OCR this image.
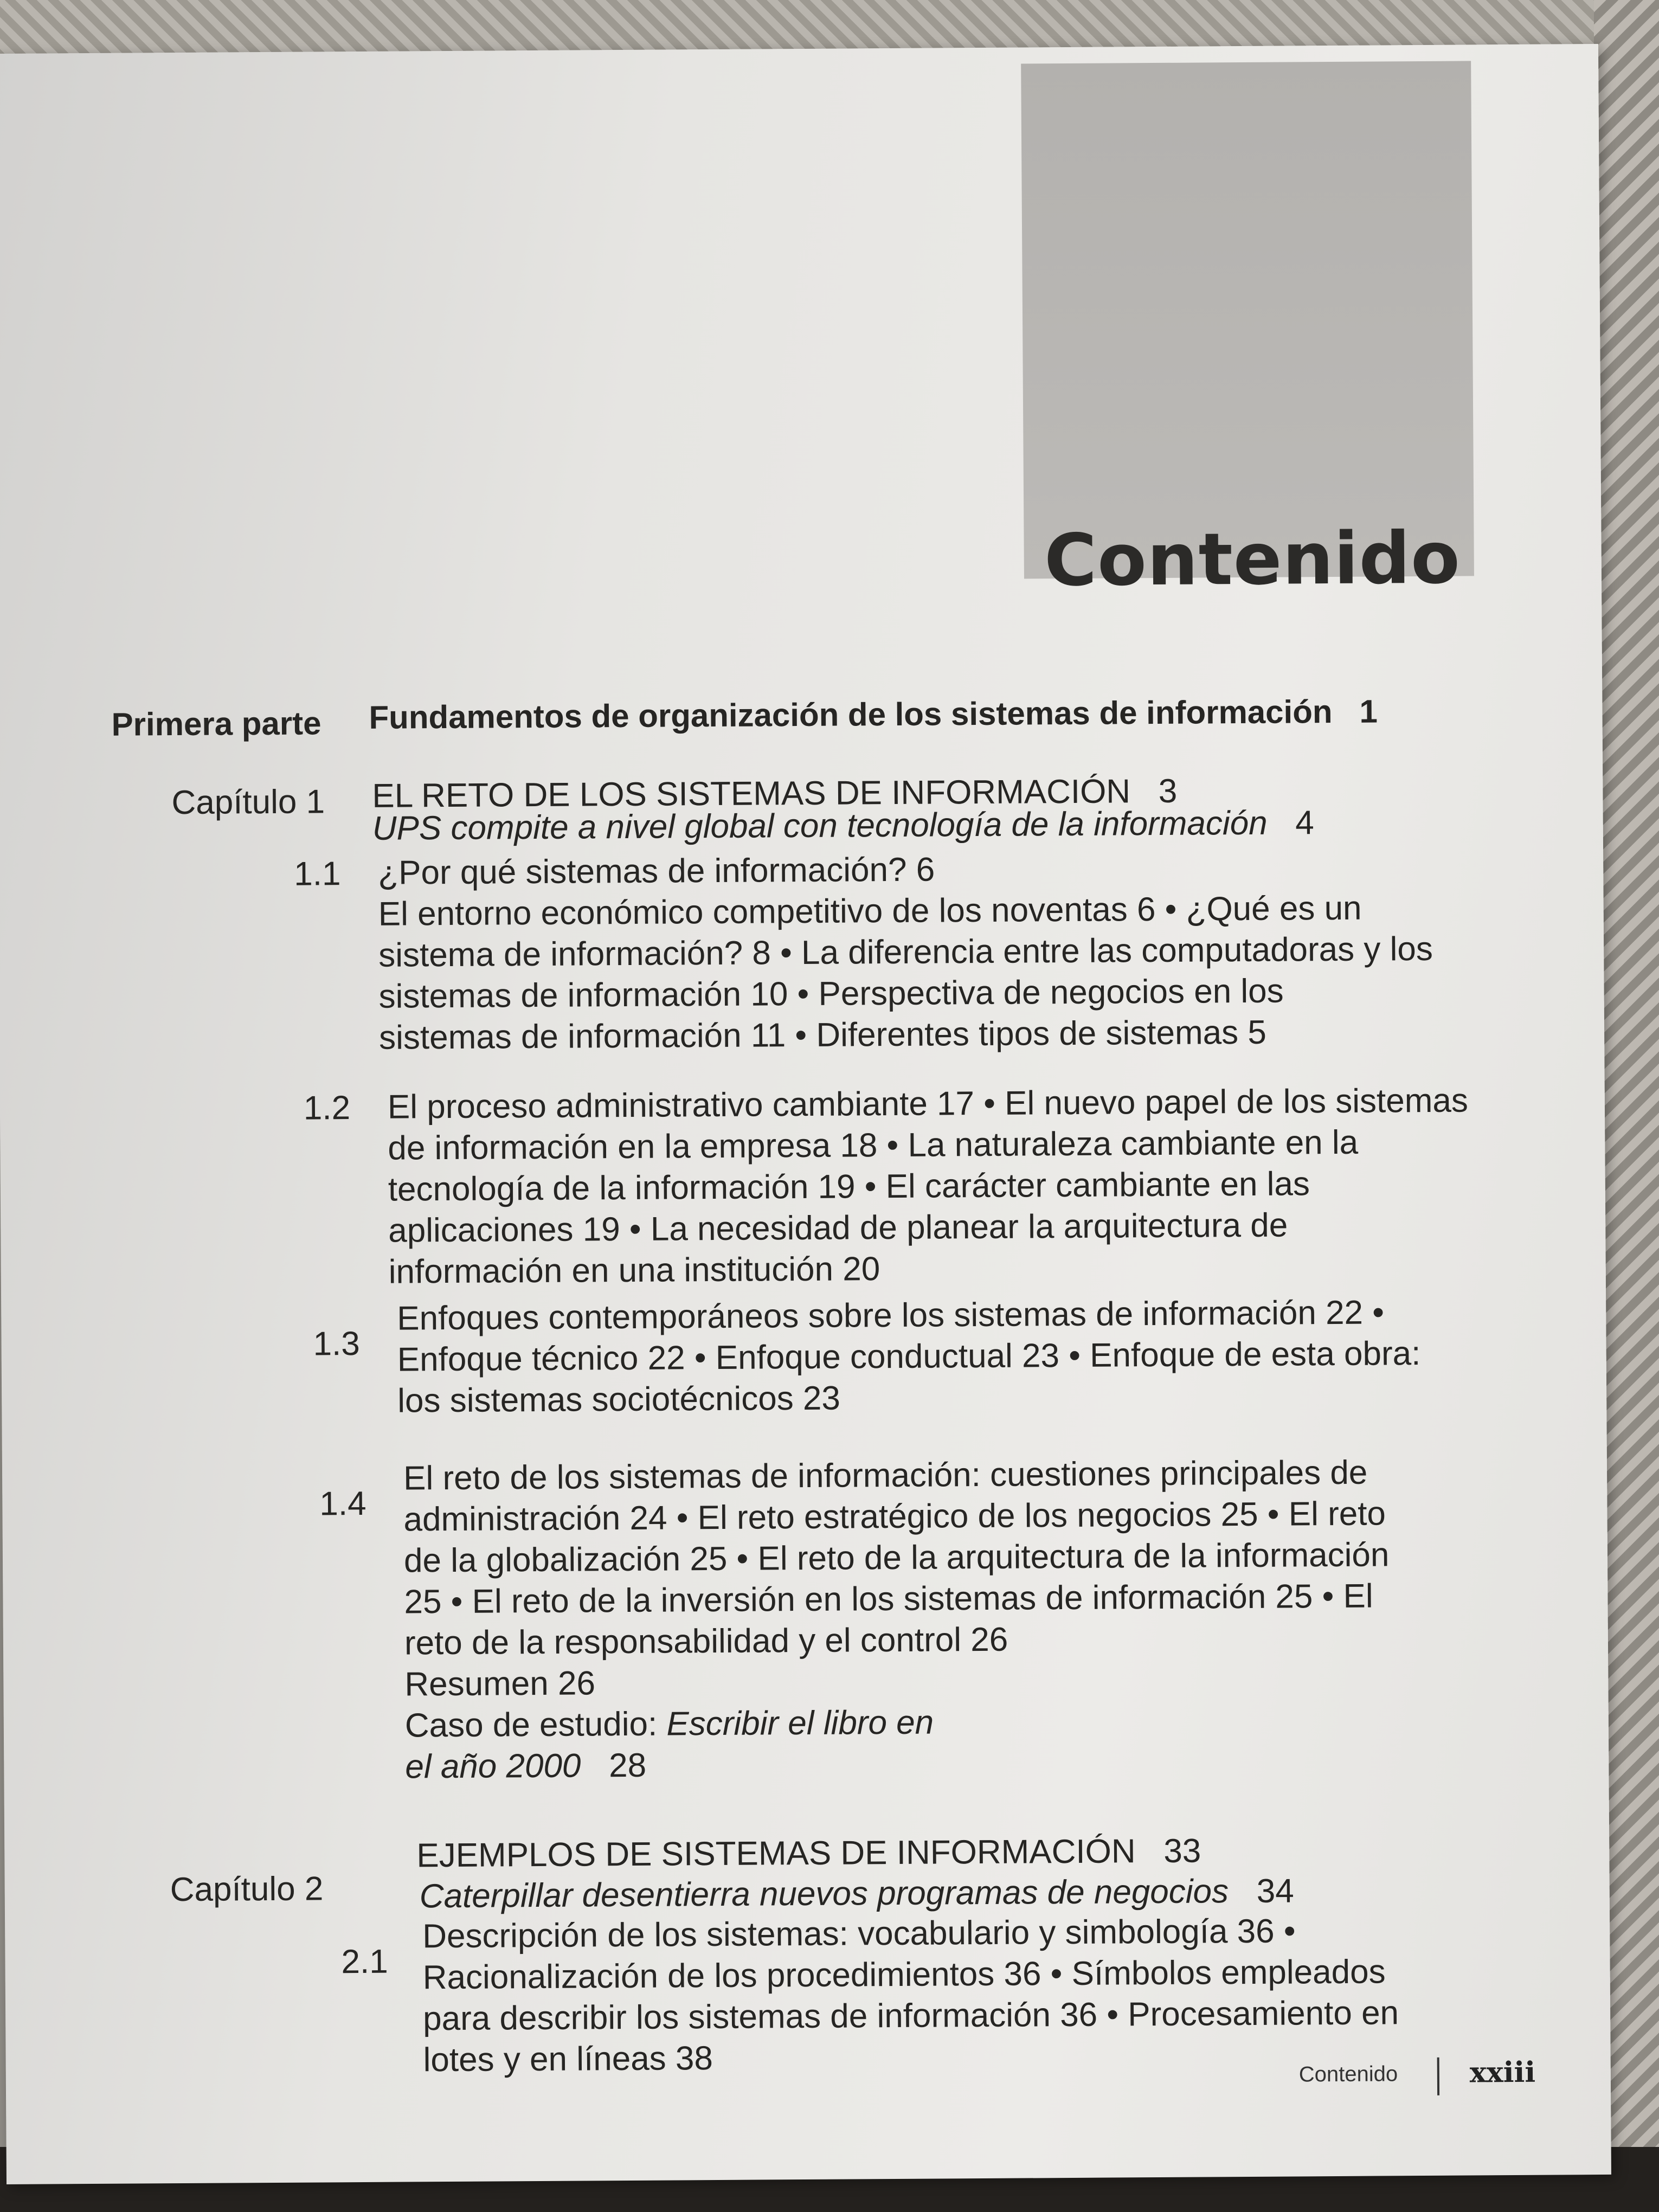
Contenido
Primera parte Fundamentos de organización de los sistemas de información 1
Capítulo 1 EL RETO DE LOS SISTEMAS DE INFORMACIÓN 3
UPS compite a nivel global con tecnología de la información 4
1.1 ¿Por qué sistemas de información? 6
El entorno económico competitivo de los noventas 6 • ¿Qué es un
sistema de información? 8 • La diferencia entre las computadoras y los
sistemas de información 10 • Perspectiva de negocios en los
sistemas de información 11 • Diferentes tipos de sistemas 5
1.2 El proceso administrativo cambiante 17 • El nuevo papel de los sistemas
de información en la empresa 18 • La naturaleza cambiante en la
tecnología de la información 19 • El carácter cambiante en las
aplicaciones 19 • La necesidad de planear la arquitectura de
información en una institución 20
1.3
Enfoques contemporáneos sobre los sistemas de información 22 •
Enfoque técnico 22 • Enfoque conductual 23 • Enfoque de esta obra:
los sistemas sociotécnicos 23
1.4
El reto de los sistemas de información: cuestiones principales de
administración 24 • El reto estratégico de los negocios 25 • El reto
de la globalización 25 • El reto de la arquitectura de la información
25 • El reto de la inversión en los sistemas de información 25 • El
reto de la responsabilidad y el control 26
Resumen 26
Caso de estudio: Escribir el libro en
el año 2000 28
Capítulo 2
EJEMPLOS DE SISTEMAS DE INFORMACIÓN 33
Caterpillar desentierra nuevos programas de negocios 34
2.1
Descripción de los sistemas: vocabulario y simbología 36 •
Racionalización de los procedimientos 36 • Símbolos empleados
para describir los sistemas de información 36 • Procesamiento en
lotes y en líneas 38	Contenido	xxiii
